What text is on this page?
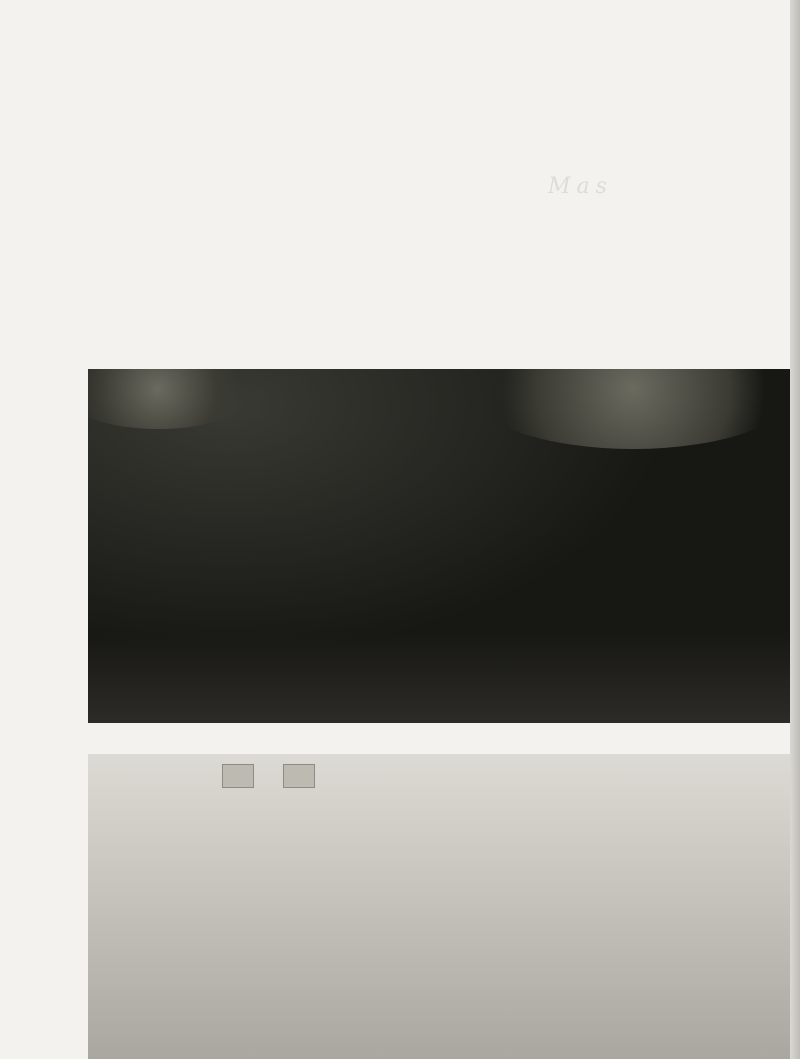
Mas
